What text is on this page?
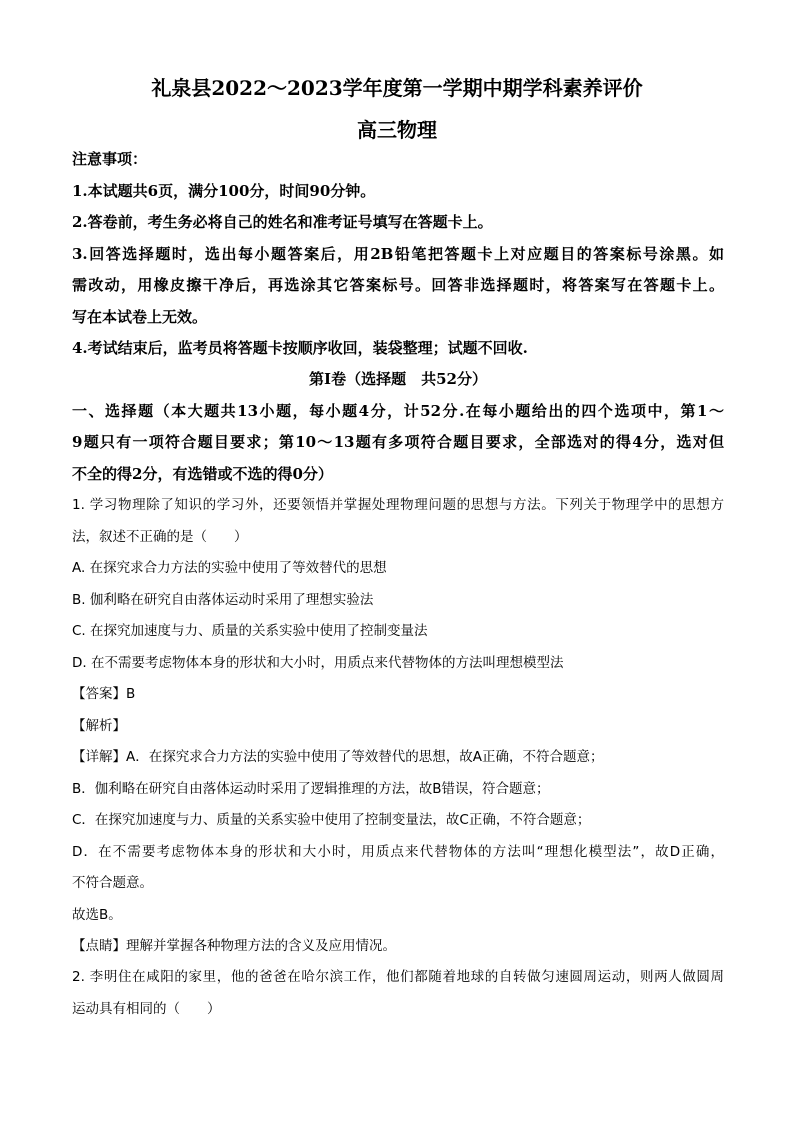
礼泉县2022～2023学年度第一学期中期学科素养评价
高三物理
注意事项：
1.本试题共6页，满分100分，时间90分钟。
2.答卷前，考生务必将自己的姓名和准考证号填写在答题卡上。
3.回答选择题时，选出每小题答案后，用2B铅笔把答题卡上对应题目的答案标号涂黑。如
需改动，用橡皮擦干净后，再选涂其它答案标号。回答非选择题时，将答案写在答题卡上。
写在本试卷上无效。
4.考试结束后，监考员将答题卡按顺序收回，装袋整理；试题不回收.
第Ⅰ卷（选择题　共52分）
一、选择题（本大题共13小题，每小题4分，计52分.在每小题给出的四个选项中，第1～
9题只有一项符合题目要求；第10～13题有多项符合题目要求，全部选对的得4分，选对但
不全的得2分，有选错或不选的得0分）
1. 学习物理除了知识的学习外，还要领悟并掌握处理物理问题的思想与方法。下列关于物理学中的思想方
法，叙述不正确的是（　　）
A. 在探究求合力方法的实验中使用了等效替代的思想
B. 伽利略在研究自由落体运动时采用了理想实验法
C. 在探究加速度与力、质量的关系实验中使用了控制变量法
D. 在不需要考虑物体本身的形状和大小时，用质点来代替物体的方法叫理想模型法
【答案】B
【解析】
【详解】A．在探究求合力方法的实验中使用了等效替代的思想，故A正确，不符合题意；
B．伽利略在研究自由落体运动时采用了逻辑推理的方法，故B错误，符合题意；
C．在探究加速度与力、质量的关系实验中使用了控制变量法，故C正确，不符合题意；
D．在不需要考虑物体本身的形状和大小时，用质点来代替物体的方法叫“理想化模型法”，故D正确，
不符合题意。
故选B。
【点睛】理解并掌握各种物理方法的含义及应用情况。
2. 李明住在咸阳的家里，他的爸爸在哈尔滨工作，他们都随着地球的自转做匀速圆周运动，则两人做圆周
运动具有相同的（　　）
